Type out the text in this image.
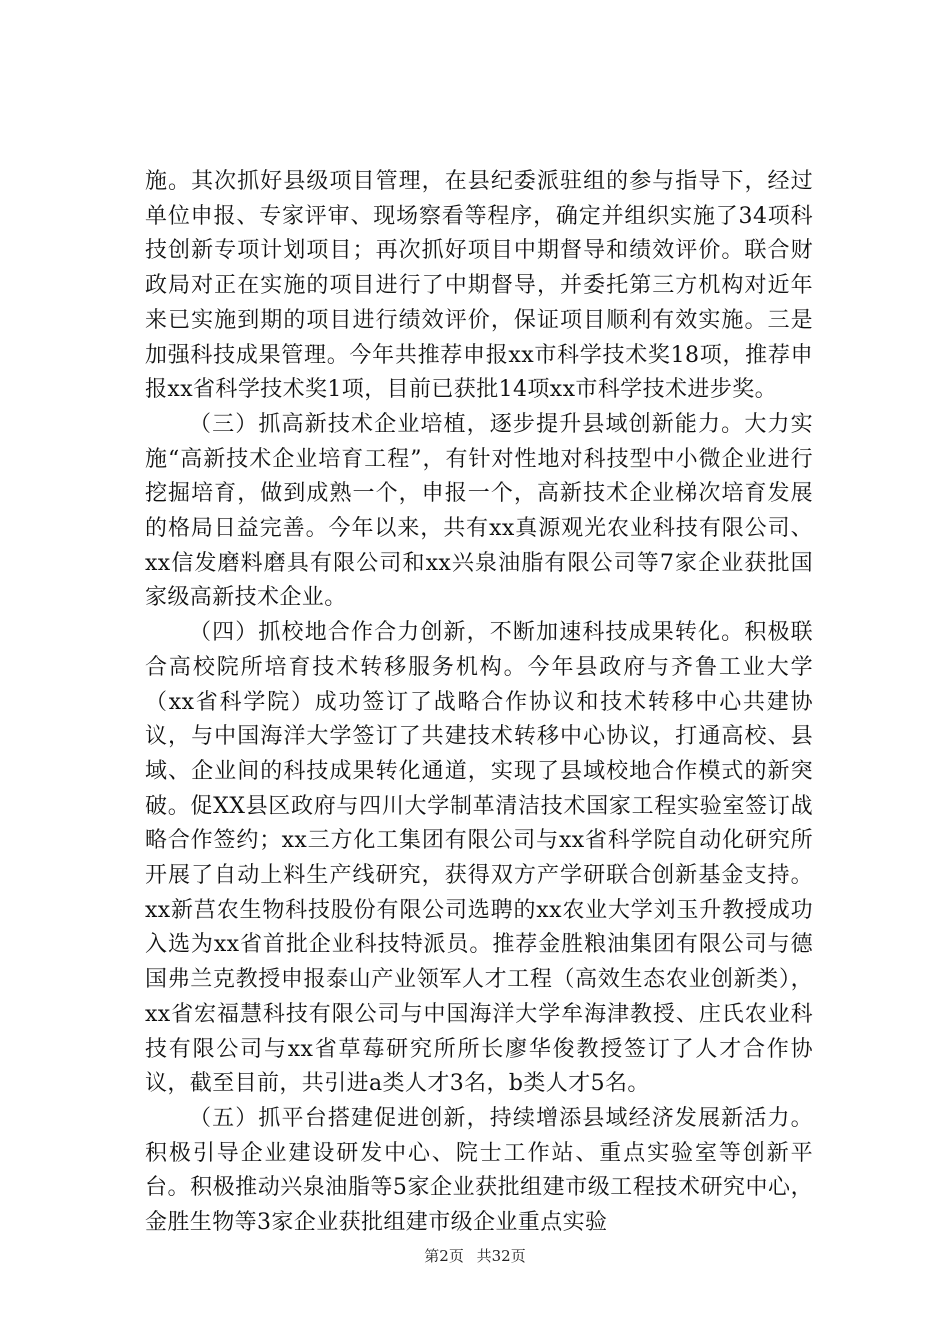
施。其次抓好县级项目管理，在县纪委派驻组的参与指导下，经过单位申报、专家评审、现场察看等程序，确定并组织实施了34项科技创新专项计划项目；再次抓好项目中期督导和绩效评价。联合财政局对正在实施的项目进行了中期督导，并委托第三方机构对近年来已实施到期的项目进行绩效评价，保证项目顺利有效实施。三是加强科技成果管理。今年共推荐申报xx市科学技术奖18项，推荐申报xx省科学技术奖1项，目前已获批14项xx市科学技术进步奖。

（三）抓高新技术企业培植，逐步提升县域创新能力。大力实施“高新技术企业培育工程”，有针对性地对科技型中小微企业进行挖掘培育，做到成熟一个，申报一个，高新技术企业梯次培育发展的格局日益完善。今年以来，共有xx真源观光农业科技有限公司、xx信发磨料磨具有限公司和xx兴泉油脂有限公司等7家企业获批国家级高新技术企业。

（四）抓校地合作合力创新，不断加速科技成果转化。积极联合高校院所培育技术转移服务机构。今年县政府与齐鲁工业大学（xx省科学院）成功签订了战略合作协议和技术转移中心共建协议，与中国海洋大学签订了共建技术转移中心协议，打通高校、县域、企业间的科技成果转化通道，实现了县域校地合作模式的新突破。促XX县区政府与四川大学制革清洁技术国家工程实验室签订战略合作签约；xx三方化工集团有限公司与xx省科学院自动化研究所开展了自动上料生产线研究，获得双方产学研联合创新基金支持。xx新莒农生物科技股份有限公司选聘的xx农业大学刘玉升教授成功入选为xx省首批企业科技特派员。推荐金胜粮油集团有限公司与德国弗兰克教授申报泰山产业领军人才工程（高效生态农业创新类），xx省宏福慧科技有限公司与中国海洋大学牟海津教授、庄氏农业科技有限公司与xx省草莓研究所所长廖华俊教授签订了人才合作协议，截至目前，共引进a类人才3名，b类人才5名。

（五）抓平台搭建促进创新，持续增添县域经济发展新活力。积极引导企业建设研发中心、院士工作站、重点实验室等创新平台。积极推动兴泉油脂等5家企业获批组建市级工程技术研究中心，金胜生物等3家企业获批组建市级企业重点实验

第2页 共32页
